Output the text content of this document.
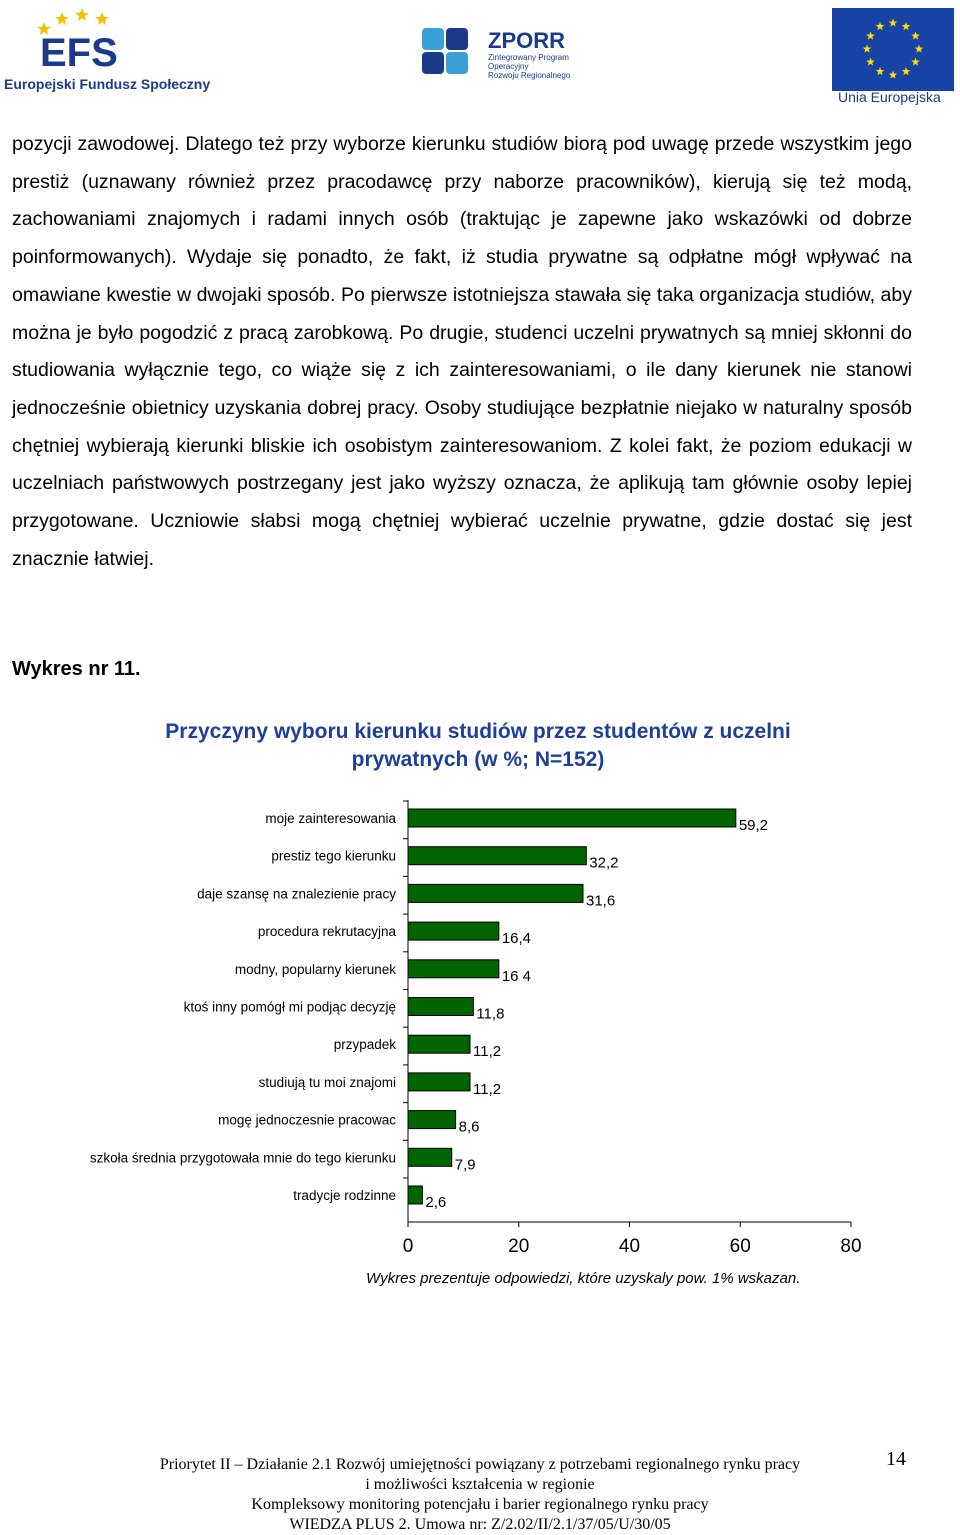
EFS
Europejski Fundusz Społeczny
ZPORR
Zintegrowany Program
Operacyjny
Rozwoju Regionalnego
Unia Europejska

pozycji zawodowej. Dlatego też przy wyborze kierunku studiów biorą pod uwagę przede wszystkim jego prestiż (uznawany również przez pracodawcę przy naborze pracowników), kierują się też modą, zachowaniami znajomych i radami innych osób (traktując je zapewne jako wskazówki od dobrze poinformowanych). Wydaje się ponadto, że fakt, iż studia prywatne są odpłatne mógł wpływać na omawiane kwestie w dwojaki sposób. Po pierwsze istotniejsza stawała się taka organizacja studiów, aby można je było pogodzić z pracą zarobkową. Po drugie, studenci uczelni prywatnych są mniej skłonni do studiowania wyłącznie tego, co wiąże się z ich zainteresowaniami, o ile dany kierunek nie stanowi jednocześnie obietnicy uzyskania dobrej pracy. Osoby studiujące bezpłatnie niejako w naturalny sposób chętniej wybierają kierunki bliskie ich osobistym zainteresowaniom. Z kolei fakt, że poziom edukacji w uczelniach państwowych postrzegany jest jako wyższy oznacza, że aplikują tam głównie osoby lepiej przygotowane. Uczniowie słabsi mogą chętniej wybierać uczelnie prywatne, gdzie dostać się jest znacznie łatwiej.

Wykres nr 11.
Przyczyny wyboru kierunku studiów przez studentów z uczelni prywatnych (w %; N=152)
0	20	40	60	80
moje zainteresowania	59,2
prestiz tego kierunku	32,2
daje szansę na znalezienie pracy	31,6
procedura rekrutacyjna	16,4
modny, popularny kierunek	16 4
ktoś inny pomógł mi podjąc decyzję	11,8
przypadek	11,2
studiują tu moi znajomi	11,2
mogę jednoczesnie pracowac	8,6
szkoła średnia przygotowała mnie do tego kierunku	7,9
tradycje rodzinne 2,6
Wykres prezentuje odpowiedzi, które uzyskaly pow. 1% wskazan.
Priorytet II – Działanie 2.1 Rozwój umiejętności powiązany z potrzebami regionalnego rynku pracy
i możliwości kształcenia w regionie
Kompleksowy monitoring potencjału i barier regionalnego rynku pracy
WIEDZA PLUS 2. Umowa nr: Z/2.02/II/2.1/37/05/U/30/05
14
